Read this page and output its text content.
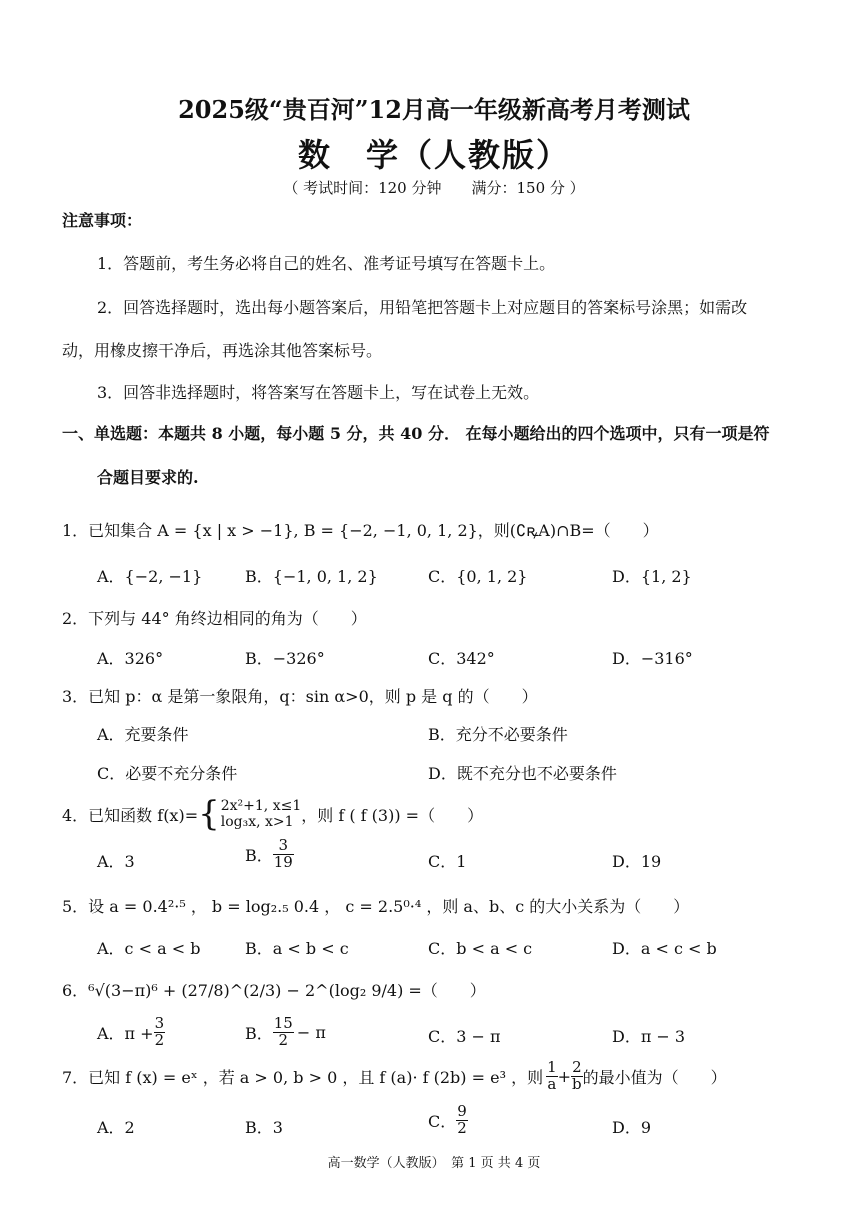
2025级“贵百河”12月高一年级新高考月考测试
数　学（人教版）
（ 考试时间：120 分钟　　满分：150 分 ）
注意事项：
1．答题前，考生务必将自己的姓名、准考证号填写在答题卡上。
2．回答选择题时，选出每小题答案后，用铅笔把答题卡上对应题目的答案标号涂黑；如需改
动，用橡皮擦干净后，再选涂其他答案标号。
3．回答非选择题时，将答案写在答题卡上，写在试卷上无效。
一、单选题：本题共 8 小题，每小题 5 分，共 40 分． 在每小题给出的四个选项中，只有一项是符
合题目要求的.
1．已知集合 A = {x | x > −1}, B = {−2, −1, 0, 1, 2}，则(∁ꝶA)∩B=（　　）
A．{−2, −1}	B．{−1, 0, 1, 2}	C．{0, 1, 2}	D．{1, 2}
2．下列与 44° 角终边相同的角为（　　）
A．326°	B．−326°	C．342°	D．−316°
3．已知 p：α 是第一象限角，q：sin α>0，则 p 是 q 的（　　）
A．充要条件	B．充分不必要条件
C．必要不充分条件	D．既不充分也不必要条件
4．已知函数 f(x)= { 2x²+1, x≤1
log₃x, x>1 ，则 f ( f (3)) =（　　）
A．3	B． $\frac{3}{19}$	C．1	D．19
5．设 a = 0.4²·⁵ ， b = log₂.₅ 0.4 ， c = 2.5⁰·⁴ ，则 a、b、c 的大小关系为（　　）
A．c < a < b	B．a < b < c	C．b < a < c	D．a < c < b
6．⁶√(3−π)⁶ + (27/8)^(2/3) − 2^(log₂ 9/4) =（　　）
A．$\pi + \frac{3}{2}$	B． $\frac{15}{2} - \pi$	C．3 − π	D．π − 3
7．已知 f (x) = eˣ ，若 a > 0, b > 0 ，且 f (a)· f (2b) = e³ ，则 $\frac{1}{a} + \frac{2}{b}$ 的最小值为（　　）
A．2	B．3	C． $\frac{9}{2}$	D．9
高一数学（人教版）　第 1 页 共 4 页
